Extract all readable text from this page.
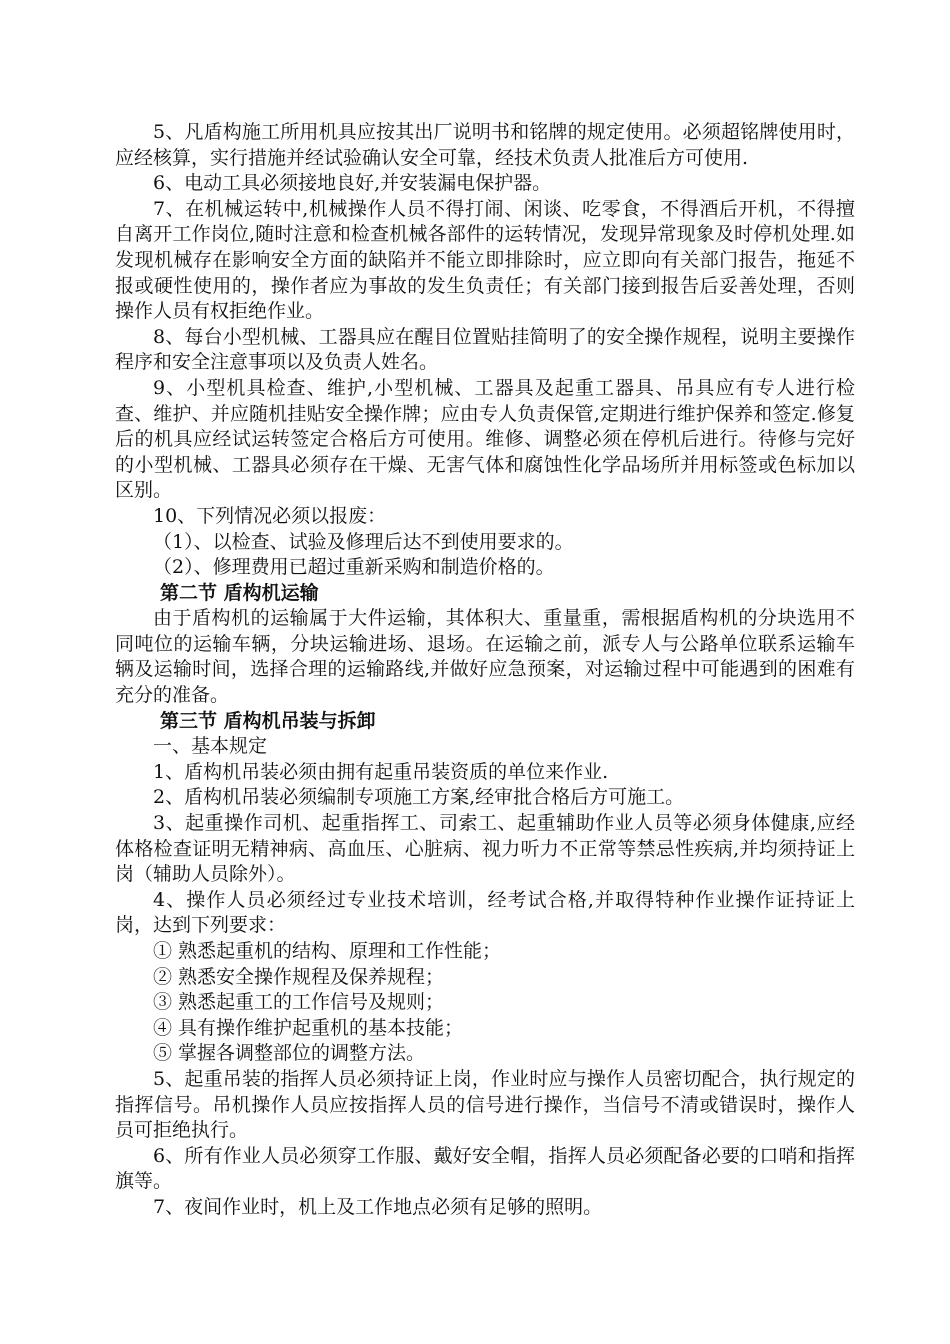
5、凡盾构施工所用机具应按其出厂说明书和铭牌的规定使用。必须超铭牌使用时，应经核算，实行措施并经试验确认安全可靠，经技术负责人批准后方可使用.

6、电动工具必须接地良好,并安装漏电保护器。

7、在机械运转中,机械操作人员不得打闹、闲谈、吃零食，不得酒后开机，不得擅自离开工作岗位,随时注意和检查机械各部件的运转情况，发现异常现象及时停机处理.如发现机械存在影响安全方面的缺陷并不能立即排除时，应立即向有关部门报告，拖延不报或硬性使用的，操作者应为事故的发生负责任；有关部门接到报告后妥善处理，否则操作人员有权拒绝作业。

8、每台小型机械、工器具应在醒目位置贴挂简明了的安全操作规程，说明主要操作程序和安全注意事项以及负责人姓名。

9、小型机具检查、维护,小型机械、工器具及起重工器具、吊具应有专人进行检查、维护、并应随机挂贴安全操作牌；应由专人负责保管,定期进行维护保养和签定.修复后的机具应经试运转签定合格后方可使用。维修、调整必须在停机后进行。待修与完好的小型机械、工器具必须存在干燥、无害气体和腐蚀性化学品场所并用标签或色标加以区别。

10、下列情况必须以报废：

（1）、以检查、试验及修理后达不到使用要求的。

（2）、修理费用已超过重新采购和制造价格的。

第二节 盾构机运输

由于盾构机的运输属于大件运输，其体积大、重量重，需根据盾构机的分块选用不同吨位的运输车辆，分块运输进场、退场。在运输之前，派专人与公路单位联系运输车辆及运输时间，选择合理的运输路线,并做好应急预案，对运输过程中可能遇到的困难有充分的准备。

第三节 盾构机吊装与拆卸

一、基本规定

1、盾构机吊装必须由拥有起重吊装资质的单位来作业.

2、盾构机吊装必须编制专项施工方案,经审批合格后方可施工。

3、起重操作司机、起重指挥工、司索工、起重辅助作业人员等必须身体健康,应经体格检查证明无精神病、高血压、心脏病、视力听力不正常等禁忌性疾病,并均须持证上岗（辅助人员除外）。

4、操作人员必须经过专业技术培训，经考试合格,并取得特种作业操作证持证上岗，达到下列要求：

① 熟悉起重机的结构、原理和工作性能；

② 熟悉安全操作规程及保养规程；

③ 熟悉起重工的工作信号及规则；

④ 具有操作维护起重机的基本技能；

⑤ 掌握各调整部位的调整方法。

5、起重吊装的指挥人员必须持证上岗，作业时应与操作人员密切配合，执行规定的指挥信号。吊机操作人员应按指挥人员的信号进行操作，当信号不清或错误时，操作人员可拒绝执行。

6、所有作业人员必须穿工作服、戴好安全帽，指挥人员必须配备必要的口哨和指挥旗等。

7、夜间作业时，机上及工作地点必须有足够的照明。
